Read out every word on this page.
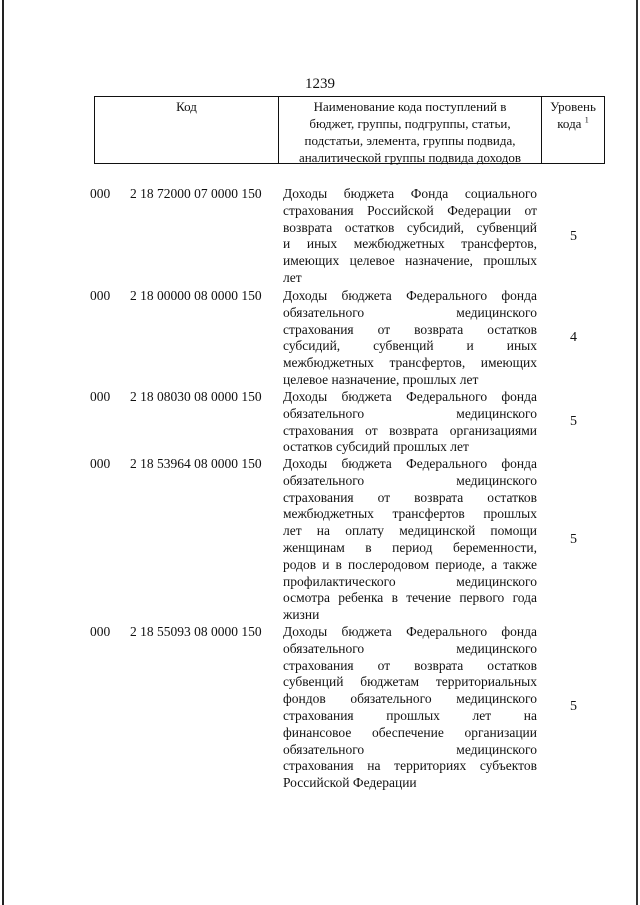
1239
Код	Наименование кода поступлений в
бюджет, группы, подгруппы, статьи,
подстатьи, элемента, группы подвида,
аналитической группы подвида доходов
Уровень
кода $^1$
000 2 18 72000 07 0000 150 Доходы бюджета Фонда социального
страхования Российской Федерации от
возврата остатков субсидий, субвенций
и иных межбюджетных трансфертов,
имеющих целевое назначение, прошлых
лет
5
000 2 18 00000 08 0000 150 Доходы бюджета Федерального фонда
обязательного медицинского
страхования от возврата остатков
субсидий, субвенций и иных
межбюджетных трансфертов, имеющих
целевое назначение, прошлых лет
4
000 2 18 08030 08 0000 150 Доходы бюджета Федерального фонда
обязательного медицинского
страхования от возврата организациями
остатков субсидий прошлых лет
5
000 2 18 53964 08 0000 150 Доходы бюджета Федерального фонда
обязательного медицинского
страхования от возврата остатков
межбюджетных трансфертов прошлых
лет на оплату медицинской помощи
женщинам в период беременности,
родов и в послеродовом периоде, а также
профилактического медицинского
осмотра ребенка в течение первого года
жизни
5
000 2 18 55093 08 0000 150 Доходы бюджета Федерального фонда
обязательного медицинского
страхования от возврата остатков
субвенций бюджетам территориальных
фондов обязательного медицинского
страхования прошлых лет на
финансовое обеспечение организации
обязательного медицинского
страхования на территориях субъектов
Российской Федерации
5
